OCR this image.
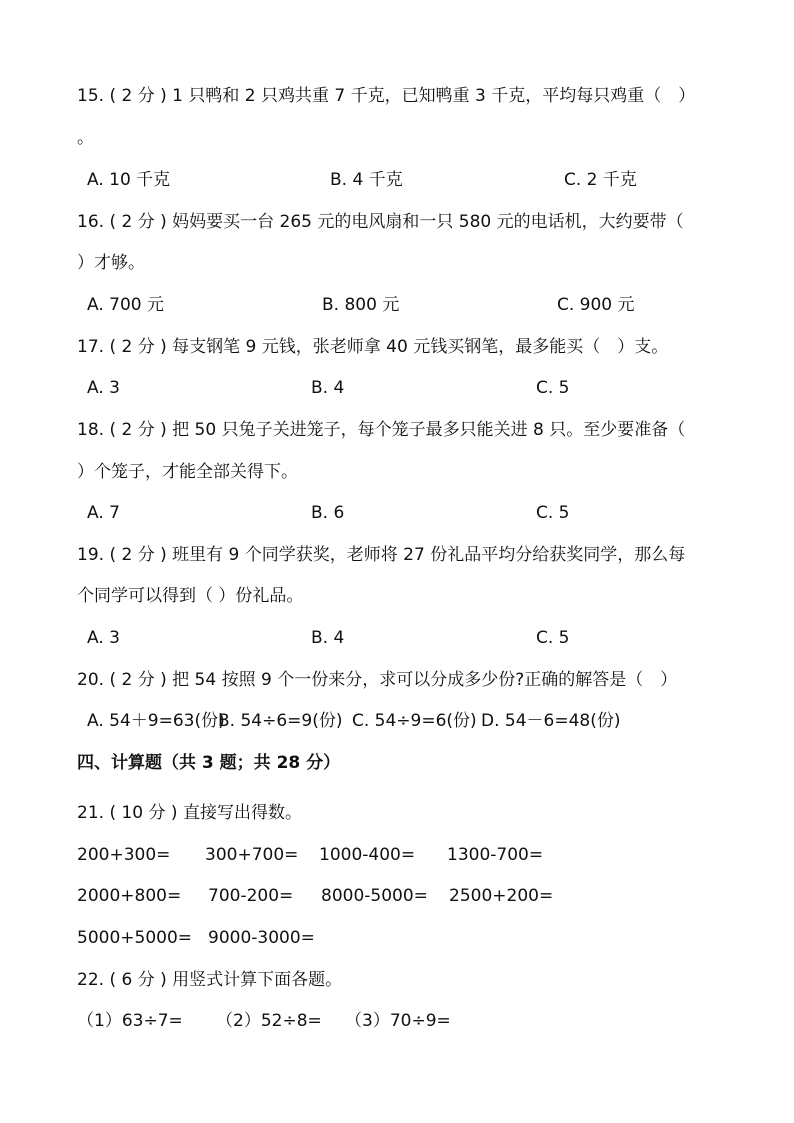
15. ( 2 分 ) 1 只鸭和 2 只鸡共重 7 千克，已知鸭重 3 千克，平均每只鸡重（　）
。
A. 10 千克	B. 4 千克	C. 2 千克
16. ( 2 分 ) 妈妈要买一台 265 元的电风扇和一只 580 元的电话机，大约要带（
）才够。
A. 700 元	B. 800 元	C. 900 元
17. ( 2 分 ) 每支钢笔 9 元钱，张老师拿 40 元钱买钢笔，最多能买（　）支。
A. 3	B. 4	C. 5
18. ( 2 分 ) 把 50 只兔子关进笼子，每个笼子最多只能关进 8 只。至少要准备（
）个笼子，才能全部关得下。
A. 7	B. 6	C. 5
19. ( 2 分 ) 班里有 9 个同学获奖，老师将 27 份礼品平均分给获奖同学，那么每
个同学可以得到（ ）份礼品。
A. 3	B. 4	C. 5
20. ( 2 分 ) 把 54 按照 9 个一份来分，求可以分成多少份?正确的解答是（　）
A. 54＋9=63(份)
B. 54÷6=9(份) C. 54÷9=6(份) D. 54－6=48(份)
四、计算题（共 3 题；共 28 分）
21. ( 10 分 ) 直接写出得数。
200+300= 300+700= 1000-400= 1300-700=
2000+800= 700-200= 8000-5000= 2500+200=
5000+5000= 9000-3000=
22. ( 6 分 ) 用竖式计算下面各题。
（1）63÷7= （2）52÷8= （3）70÷9=
